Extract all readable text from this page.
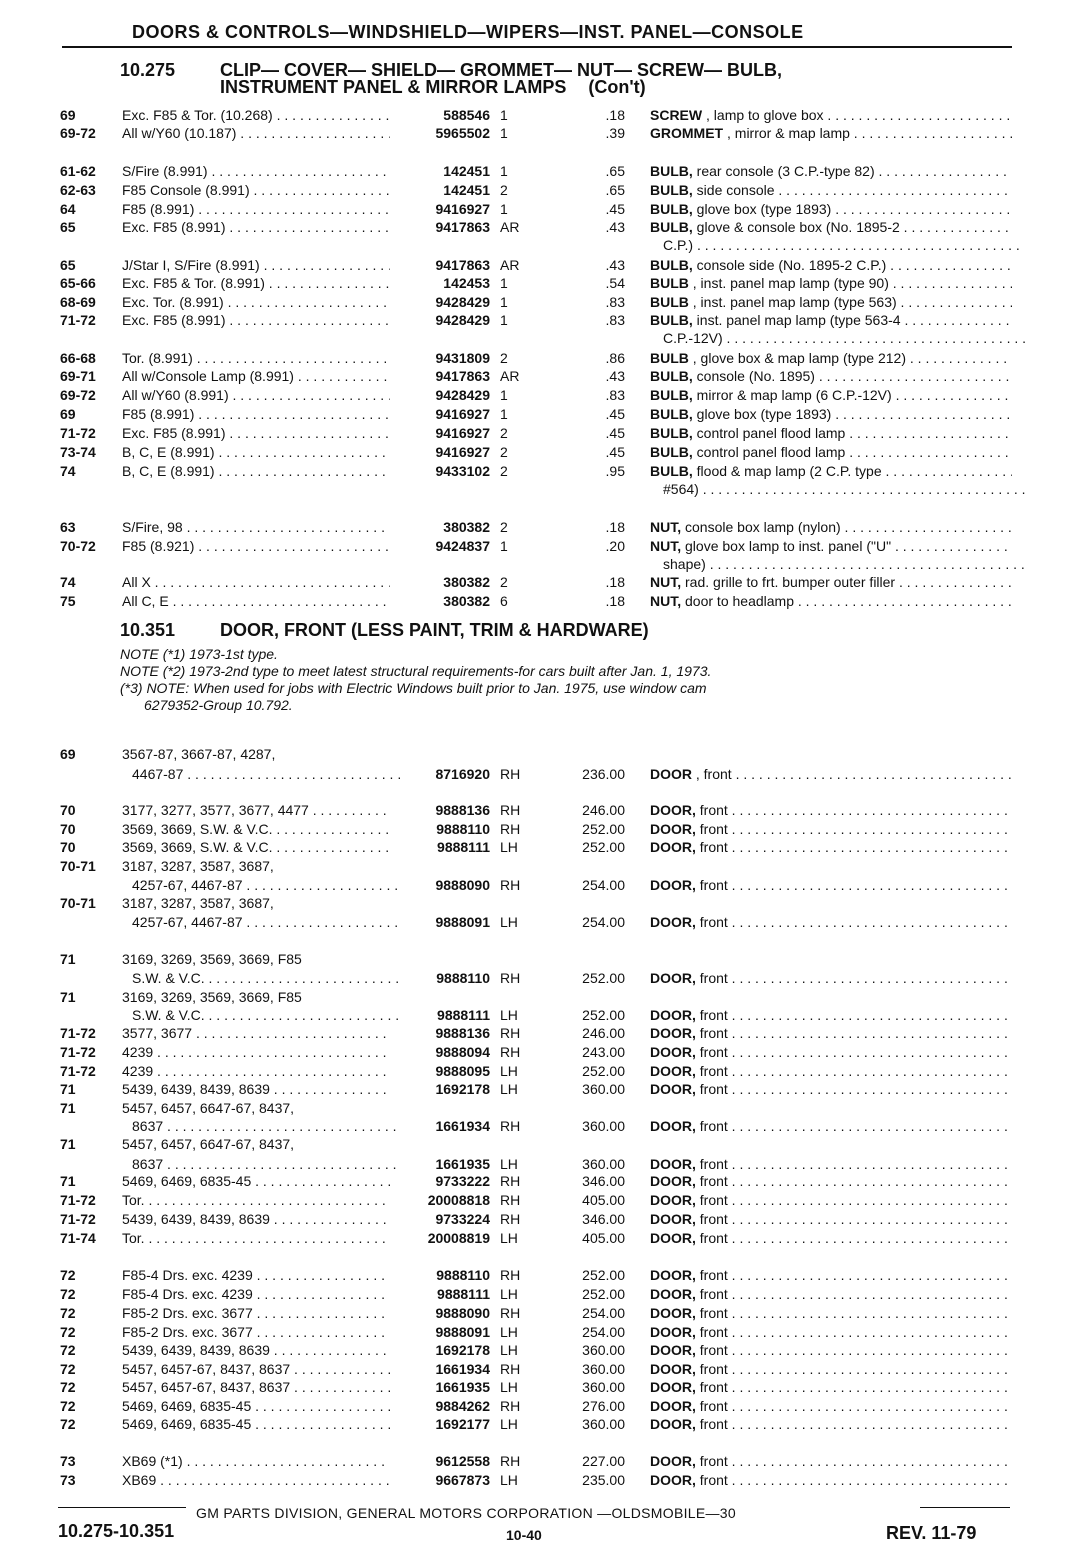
DOORS & CONTROLS—WINDSHIELD—WIPERS—INST. PANEL—CONSOLE
10.275 CLIP— COVER— SHIELD— GROMMET— NUT— SCREW— BULB,
INSTRUMENT PANEL & MIRROR LAMPS (Con't)
10.351 DOOR, FRONT (LESS PAINT, TRIM & HARDWARE)
NOTE (*1) 1973-1st type.
NOTE (*2) 1973-2nd type to meet latest structural requirements-for cars built after Jan. 1, 1973.
(*3) NOTE: When used for jobs with Electric Windows built prior to Jan. 1975, use window cam
6279352-Group 10.792.
69	Exc. F85 & Tor. (10.268) . . .	588546 1	.18 SCREW , lamp to glove box . . .
69-72 All w/Y60 (10.187) . . .	5965502 1	.39 GROMMET , mirror & map lamp . . .
61-62 S/Fire (8.991) . . .	142451 1	.65 BULB, rear console (3 C.P.-type 82) . . .
62-63 F85 Console (8.991) . . .	142451 2	.65 BULB, side console . . .
64	F85 (8.991) . . .	9416927 1	.45 BULB, glove box (type 1893) . . .
65	Exc. F85 (8.991) . . .	9417863 AR	.43 BULB, glove & console box (No. 1895-2 . . .
C.P.) . . .
65	J/Star I, S/Fire (8.991) . . .	9417863 AR	.43 BULB, console side (No. 1895-2 C.P.) . . .
65-66 Exc. F85 & Tor. (8.991) . . .	142453 1	.54 BULB , inst. panel map lamp (type 90) . . .
68-69 Exc. Tor. (8.991) . . .	9428429 1	.83 BULB , inst. panel map lamp (type 563) . . .
71-72 Exc. F85 (8.991) . . .	9428429 1	.83 BULB, inst. panel map lamp (type 563-4 . . .
C.P.-12V) . . .
66-68 Tor. (8.991) . . .	9431809 2	.86 BULB , glove box & map lamp (type 212) . . .
69-71 All w/Console Lamp (8.991) . . .	9417863 AR	.43 BULB, console (No. 1895) . . .
69-72 All w/Y60 (8.991) . . .	9428429 1	.83 BULB, mirror & map lamp (6 C.P.-12V) . . .
69	F85 (8.991) . . .	9416927 1	.45 BULB, glove box (type 1893) . . .
71-72 Exc. F85 (8.991) . . .	9416927 2	.45 BULB, control panel flood lamp . . .
73-74 B, C, E (8.991) . . .	9416927 2	.45 BULB, control panel flood lamp . . .
74	B, C, E (8.991) . . .	9433102 2	.95 BULB, flood & map lamp (2 C.P. type . . .
#564) . . .
63	S/Fire, 98 . . .	380382 2	.18 NUT, console box lamp (nylon) . . .
70-72 F85 (8.921) . . .	9424837 1	.20 NUT, glove box lamp to inst. panel ("U" . . .
shape) . . .
74	All X . . .	380382 2	.18 NUT, rad. grille to frt. bumper outer filler . . .
75	All C, E . . .	380382 6	.18 NUT, door to headlamp . . .
69	3567-87, 3667-87, 4287,
4467-87 . . .	8716920 RH	236.00 DOOR , front . . .
70	3177, 3277, 3577, 3677, 4477 . . .	9888136 RH	246.00 DOOR, front . . .
70	3569, 3669, S.W. & V.C. . . .	9888110 RH	252.00 DOOR, front . . .
70	3569, 3669, S.W. & V.C. . . .	9888111 LH	252.00 DOOR, front . . .
70-71 3187, 3287, 3587, 3687,
4257-67, 4467-87 . . .	9888090 RH	254.00 DOOR, front . . .
70-71 3187, 3287, 3587, 3687,
4257-67, 4467-87 . . .	9888091 LH	254.00 DOOR, front . . .
71	3169, 3269, 3569, 3669, F85
S.W. & V.C. . . .	9888110 RH	252.00 DOOR, front . . .
71	3169, 3269, 3569, 3669, F85
S.W. & V.C. . . .	9888111 LH	252.00 DOOR, front . . .
71-72 3577, 3677 . . .	9888136 RH	246.00 DOOR, front . . .
71-72 4239 . . .	9888094 RH	243.00 DOOR, front . . .
71-72 4239 . . .	9888095 LH	252.00 DOOR, front . . .
71	5439, 6439, 8439, 8639 . . .	1692178 LH	360.00 DOOR, front . . .
71	5457, 6457, 6647-67, 8437,
8637 . . .	1661934 RH	360.00 DOOR, front . . .
71	5457, 6457, 6647-67, 8437,
8637 . . .	1661935 LH	360.00 DOOR, front . . .
71	5469, 6469, 6835-45 . . .	9733222 RH	346.00 DOOR, front . . .
71-72 Tor. . . .	20008818 RH	405.00 DOOR, front . . .
71-72 5439, 6439, 8439, 8639 . . .	9733224 RH	346.00 DOOR, front . . .
71-74 Tor. . . .	20008819 LH	405.00 DOOR, front . . .
72	F85-4 Drs. exc. 4239 . . .	9888110 RH	252.00 DOOR, front . . .
72	F85-4 Drs. exc. 4239 . . .	9888111 LH	252.00 DOOR, front . . .
72	F85-2 Drs. exc. 3677 . . .	9888090 RH	254.00 DOOR, front . . .
72	F85-2 Drs. exc. 3677 . . .	9888091 LH	254.00 DOOR, front . . .
72	5439, 6439, 8439, 8639 . . .	1692178 LH	360.00 DOOR, front . . .
72	5457, 6457-67, 8437, 8637 . . .	1661934 RH	360.00 DOOR, front . . .
72	5457, 6457-67, 8437, 8637 . . .	1661935 LH	360.00 DOOR, front . . .
72	5469, 6469, 6835-45 . . .	9884262 RH	276.00 DOOR, front . . .
72	5469, 6469, 6835-45 . . .	1692177 LH	360.00 DOOR, front . . .
73	XB69 (*1) . . .	9612558 RH	227.00 DOOR, front . . .
73	XB69 . . .	9667873 LH	235.00 DOOR, front . . .
GM PARTS DIVISION, GENERAL MOTORS CORPORATION —OLDSMOBILE—30
10.275-10.351	10-40	REV. 11-79
